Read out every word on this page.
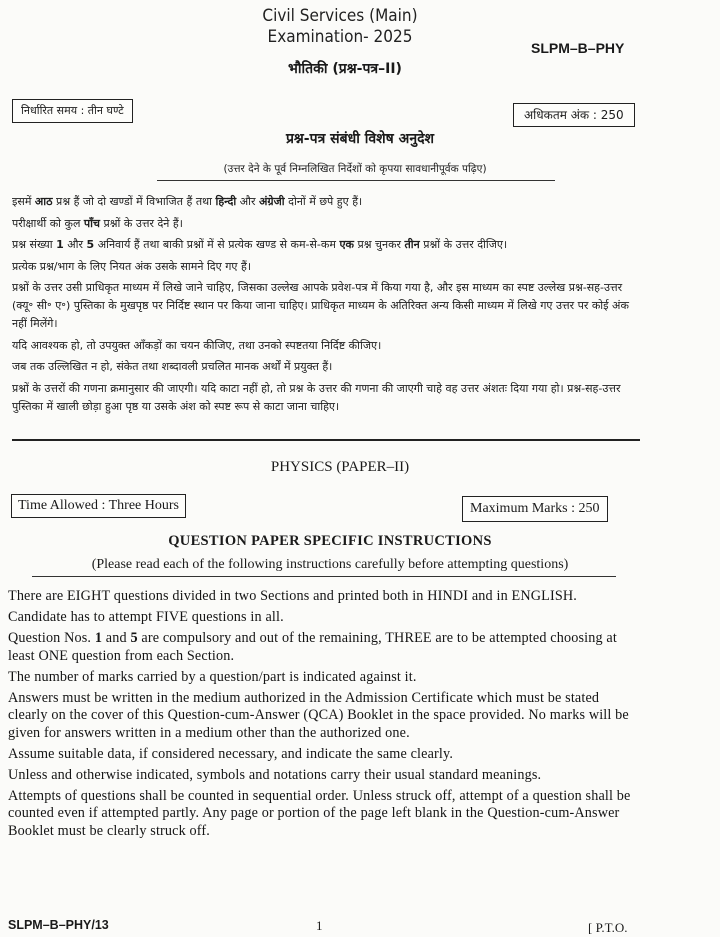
Civil Services (Main)
Examination- 2025
SLPM–B–PHY
भौतिकी (प्रश्न-पत्र–II)
निर्धारित समय : तीन घण्टे	अधिकतम अंक : 250
प्रश्न-पत्र संबंधी विशेष अनुदेश
(उत्तर देने के पूर्व निम्नलिखित निर्देशों को कृपया सावधानीपूर्वक पढ़िए)

इसमें आठ प्रश्न हैं जो दो खण्डों में विभाजित हैं तथा हिन्दी और अंग्रेजी दोनों में छपे हुए हैं।

परीक्षार्थी को कुल पाँच प्रश्नों के उत्तर देने हैं।

प्रश्न संख्या 1 और 5 अनिवार्य हैं तथा बाकी प्रश्नों में से प्रत्येक खण्ड से कम-से-कम एक प्रश्न चुनकर तीन प्रश्नों के उत्तर दीजिए।

प्रत्येक प्रश्न/भाग के लिए नियत अंक उसके सामने दिए गए हैं।

प्रश्नों के उत्तर उसी प्राधिकृत माध्यम में लिखे जाने चाहिए, जिसका उल्लेख आपके प्रवेश-पत्र में किया गया है, और इस माध्यम का स्पष्ट उल्लेख प्रश्न-सह-उत्तर (क्यू॰ सी॰ ए॰) पुस्तिका के मुखपृष्ठ पर निर्दिष्ट स्थान पर किया जाना चाहिए। प्राधिकृत माध्यम के अतिरिक्त अन्य किसी माध्यम में लिखे गए उत्तर पर कोई अंक नहीं मिलेंगे।

यदि आवश्यक हो, तो उपयुक्त आँकड़ों का चयन कीजिए, तथा उनको स्पष्टतया निर्दिष्ट कीजिए।

जब तक उल्लिखित न हो, संकेत तथा शब्दावली प्रचलित मानक अर्थों में प्रयुक्त हैं।

प्रश्नों के उत्तरों की गणना क्रमानुसार की जाएगी। यदि काटा नहीं हो, तो प्रश्न के उत्तर की गणना की जाएगी चाहे वह उत्तर अंशतः दिया गया हो। प्रश्न-सह-उत्तर पुस्तिका में खाली छोड़ा हुआ पृष्ठ या उसके अंश को स्पष्ट रूप से काटा जाना चाहिए।

PHYSICS (PAPER–II)
Time Allowed : Three Hours	Maximum Marks : 250
QUESTION PAPER SPECIFIC INSTRUCTIONS
(Please read each of the following instructions carefully before attempting questions)

There are EIGHT questions divided in two Sections and printed both in HINDI and in ENGLISH.

Candidate has to attempt FIVE questions in all.

Question Nos. 1 and 5 are compulsory and out of the remaining, THREE are to be attempted choosing at least ONE question from each Section.

The number of marks carried by a question/part is indicated against it.

Answers must be written in the medium authorized in the Admission Certificate which must be stated clearly on the cover of this Question-cum-Answer (QCA) Booklet in the space provided. No marks will be given for answers written in a medium other than the authorized one.

Assume suitable data, if considered necessary, and indicate the same clearly.

Unless and otherwise indicated, symbols and notations carry their usual standard meanings.

Attempts of questions shall be counted in sequential order. Unless struck off, attempt of a question shall be counted even if attempted partly. Any page or portion of the page left blank in the Question-cum-Answer Booklet must be clearly struck off.

SLPM–B–PHY/13	1	[ P.T.O.
